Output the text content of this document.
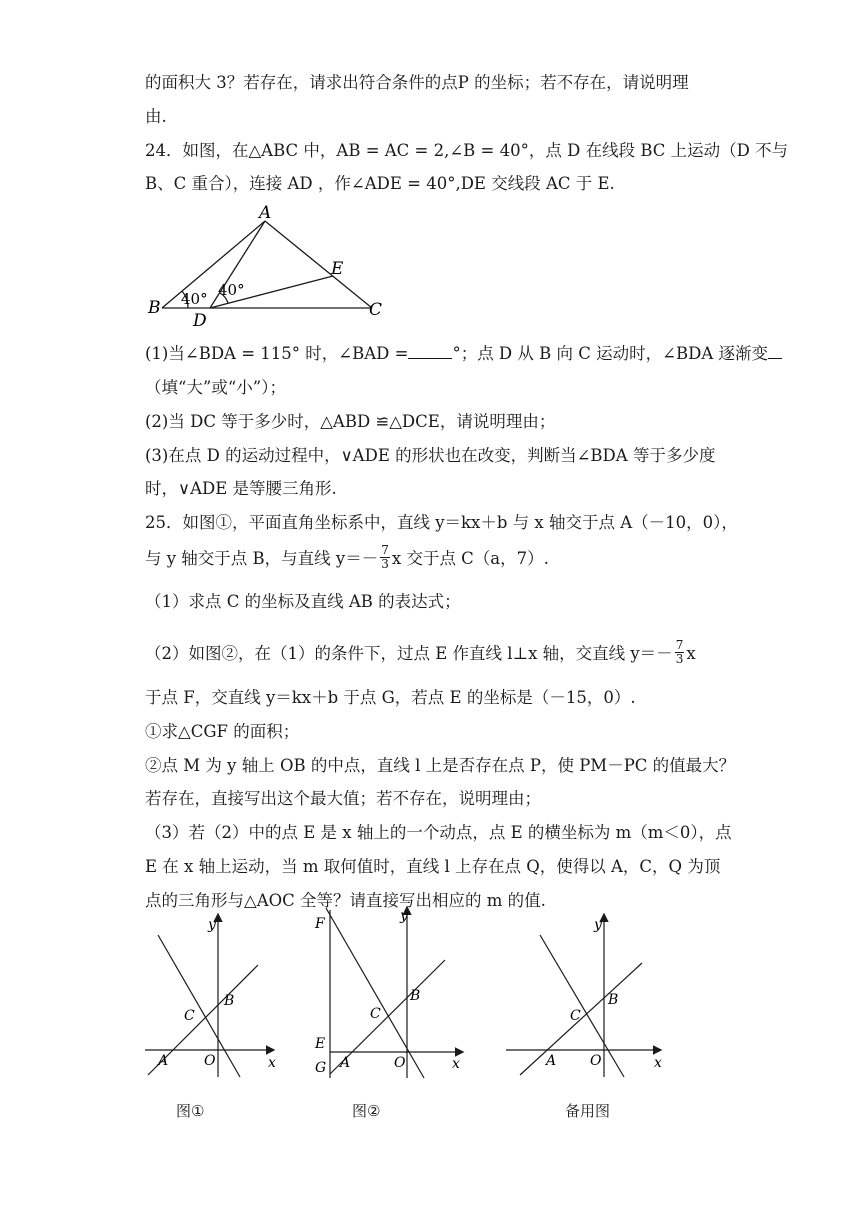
的面积大 3？若存在，请求出符合条件的点P 的坐标；若不存在，请说明理
由.
24．如图，在△ABC 中，AB = AC = 2,∠B = 40°，点 D 在线段 BC 上运动（D 不与
B、C 重合），连接 AD ，作∠ADE = 40°,DE 交线段 AC 于 E.
A
B	C
D
E
40° 40°
(1)当∠BDA = 115° 时，∠BAD =	°；点 D 从 B 向 C 运动时，∠BDA 逐渐变
（填“大”或“小”）；
(2)当 DC 等于多少时，△ABD ≌△DCE，请说明理由；
(3)在点 D 的运动过程中，∨ADE 的形状也在改变，判断当∠BDA 等于多少度
时，∨ADE 是等腰三角形.
25．如图①，平面直角坐标系中，直线 y＝kx＋b 与 x 轴交于点 A（－10，0），
与 y 轴交于点 B，与直线 $y=- \frac{7}{3}$ x 交于点 C（a，7）.
（1）求点 C 的坐标及直线 AB 的表达式；
（2）如图②，在（1）的条件下，过点 E 作直线 l⊥x 轴，交直线 $y=- \frac{7}{3}$ x
于点 F，交直线 y＝kx＋b 于点 G，若点 E 的坐标是（－15，0）.
①求△CGF 的面积；
②点 M 为 y 轴上 OB 的中点，直线 l 上是否存在点 P，使 PM－PC 的值最大？
若存在，直接写出这个最大值；若不存在，说明理由；
（3）若（2）中的点 E 是 x 轴上的一个动点，点 E 的横坐标为 m（m＜0），点
E 在 x 轴上运动，当 m 取何值时，直线 l 上存在点 Q，使得以 A，C，Q 为顶
点的三角形与△AOC 全等？请直接写出相应的 m 的值.
y
x
A
B
C
O
图①
y
x
F
E
G A
B
C
O
图②
y
x
A
B
C
O
备用图
